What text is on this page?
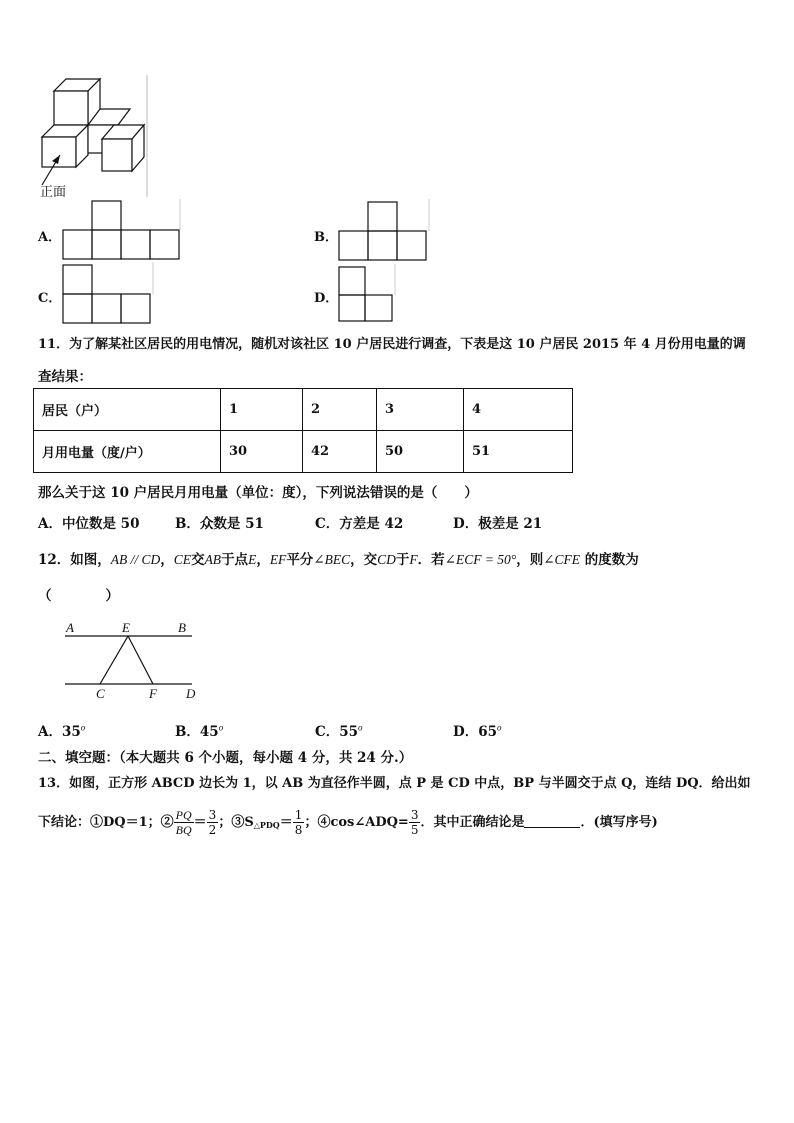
正面
A．	B．
C．	D．
11．为了解某社区居民的用电情况，随机对该社区 10 户居民进行调查，下表是这 10 户居民 2015 年 4 月份用电量的调
查结果：
居民（户）	1	2	3	4
月用电量（度/户）	30	42	50	51
那么关于这 10 户居民月用电量（单位：度），下列说法错误的是（　　）
A．中位数是 50	B．众数是 51	C．方差是 42	D．极差是 21
12．如图，AB // CD，CE交AB于点E，EF平分∠BEC，交CD于F．若∠ECF = 50°，则∠CFE 的度数为
（　　　　）
A	E	B
C	F D
A．35$^o$	B．45$^o$	C．55$^o$	D．65$^o$
二、填空题：（本大题共 6 个小题，每小题 4 分，共 24 分.）
13．如图，正方形 ABCD 边长为 1，以 AB 为直径作半圆，点 P 是 CD 中点，BP 与半圆交于点 Q，连结 DQ．给出如
下结论：①DQ＝1；② $\frac{PQ}{BQ} = \frac{3}{2}$ ；$③S_{\triangle PDQ}= \frac{1}{8}$ ；④cos∠ADQ= $\frac{3}{5}$ ．其中正确结论是	．(填写序号)
